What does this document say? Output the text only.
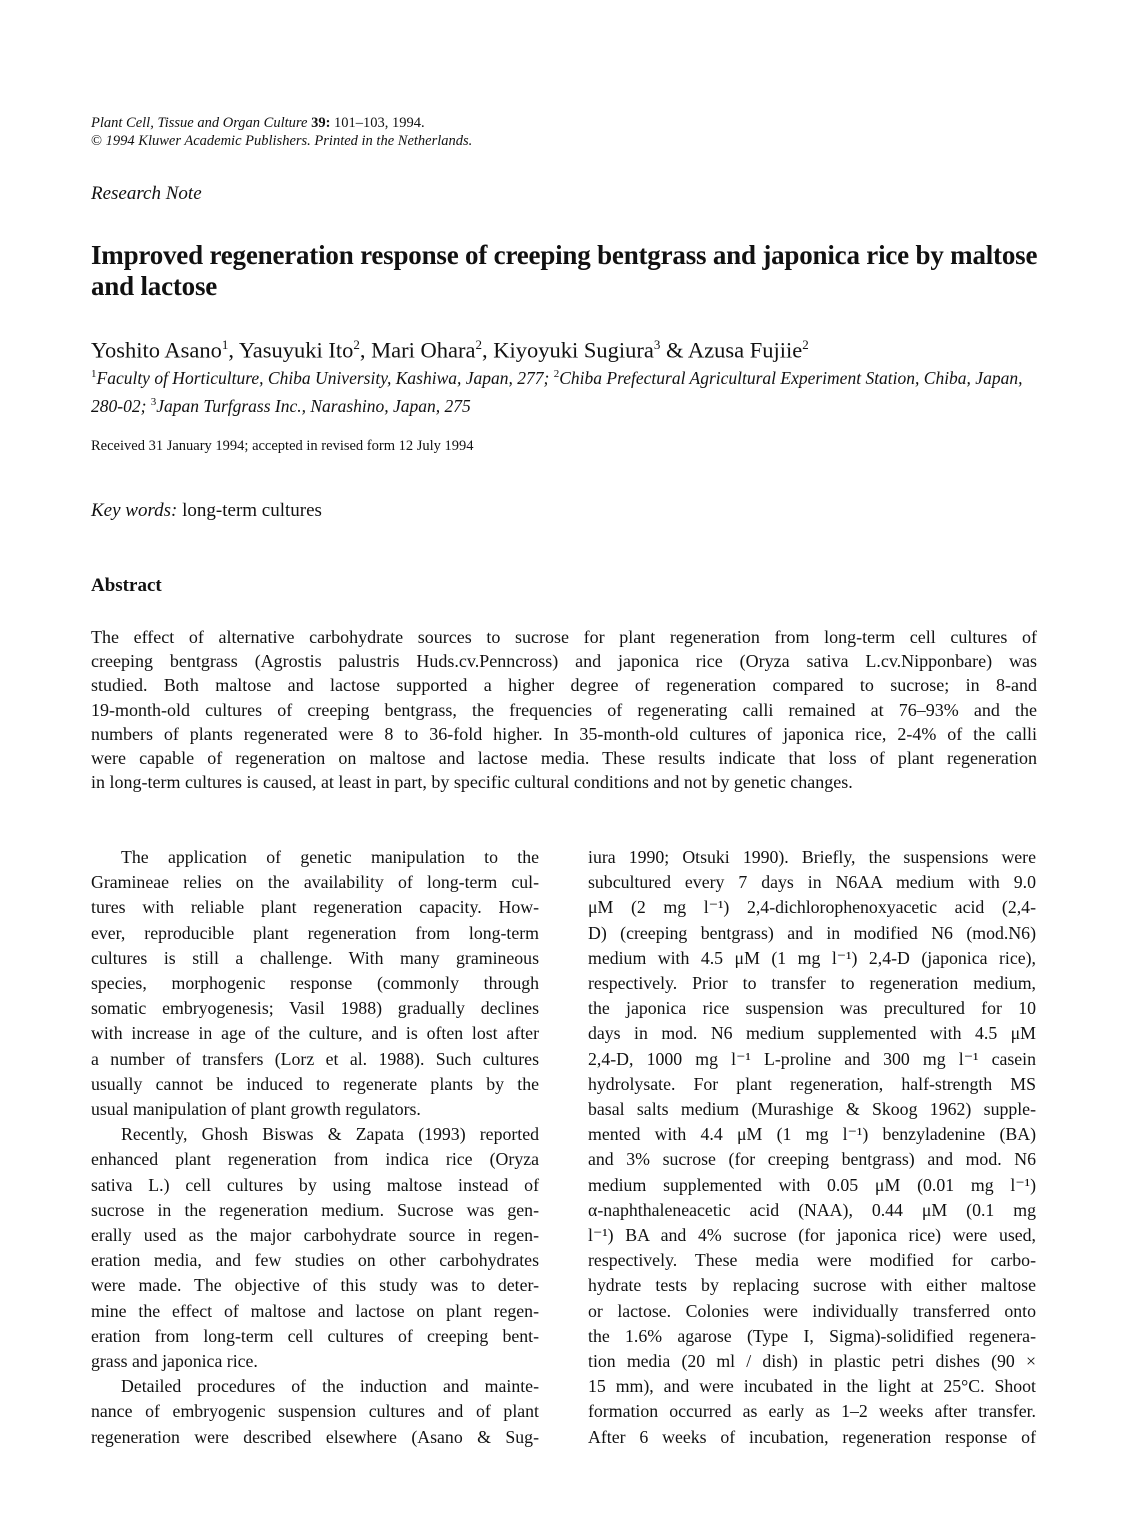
Plant Cell, Tissue and Organ Culture 39: 101–103, 1994.
© 1994 Kluwer Academic Publishers. Printed in the Netherlands.
Research Note
Improved regeneration response of creeping bentgrass and japonica rice by maltose and lactose
Yoshito Asano$^1$, Yasuyuki Ito$^2$, Mari Ohara$^2$, Kiyoyuki Sugiura$^3$ & Azusa Fujiie$^2$
$^1$Faculty of Horticulture, Chiba University, Kashiwa, Japan, 277; $^2$Chiba Prefectural Agricultural Experiment Station, Chiba, Japan, 280-02; $^3$Japan Turfgrass Inc., Narashino, Japan, 275
Received 31 January 1994; accepted in revised form 12 July 1994
Key words: long-term cultures
Abstract
The effect of alternative carbohydrate sources to sucrose for plant regeneration from long-term cell cultures of
creeping bentgrass (Agrostis palustris Huds.cv.Penncross) and japonica rice (Oryza sativa L.cv.Nipponbare) was
studied. Both maltose and lactose supported a higher degree of regeneration compared to sucrose; in 8-and
19-month-old cultures of creeping bentgrass, the frequencies of regenerating calli remained at 76–93% and the
numbers of plants regenerated were 8 to 36-fold higher. In 35-month-old cultures of japonica rice, 2-4% of the calli
were capable of regeneration on maltose and lactose media. These results indicate that loss of plant regeneration
in long-term cultures is caused, at least in part, by specific cultural conditions and not by genetic changes.
The application of genetic manipulation to the
Gramineae relies on the availability of long-term cul-
tures with reliable plant regeneration capacity. How-
ever, reproducible plant regeneration from long-term
cultures is still a challenge. With many gramineous
species, morphogenic response (commonly through
somatic embryogenesis; Vasil 1988) gradually declines
with increase in age of the culture, and is often lost after
a number of transfers (Lorz et al. 1988). Such cultures
usually cannot be induced to regenerate plants by the
usual manipulation of plant growth regulators.
Recently, Ghosh Biswas & Zapata (1993) reported
enhanced plant regeneration from indica rice (Oryza
sativa L.) cell cultures by using maltose instead of
sucrose in the regeneration medium. Sucrose was gen-
erally used as the major carbohydrate source in regen-
eration media, and few studies on other carbohydrates
were made. The objective of this study was to deter-
mine the effect of maltose and lactose on plant regen-
eration from long-term cell cultures of creeping bent-
grass and japonica rice.
Detailed procedures of the induction and mainte-
nance of embryogenic suspension cultures and of plant
regeneration were described elsewhere (Asano & Sug-
iura 1990; Otsuki 1990). Briefly, the suspensions were
subcultured every 7 days in N6AA medium with 9.0
μM (2 mg l⁻¹) 2,4-dichlorophenoxyacetic acid (2,4-
D) (creeping bentgrass) and in modified N6 (mod.N6)
medium with 4.5 μM (1 mg l⁻¹) 2,4-D (japonica rice),
respectively. Prior to transfer to regeneration medium,
the japonica rice suspension was precultured for 10
days in mod. N6 medium supplemented with 4.5 μM
2,4-D, 1000 mg l⁻¹ L-proline and 300 mg l⁻¹ casein
hydrolysate. For plant regeneration, half-strength MS
basal salts medium (Murashige & Skoog 1962) supple-
mented with 4.4 μM (1 mg l⁻¹) benzyladenine (BA)
and 3% sucrose (for creeping bentgrass) and mod. N6
medium supplemented with 0.05 μM (0.01 mg l⁻¹)
α-naphthaleneacetic acid (NAA), 0.44 μM (0.1 mg
l⁻¹) BA and 4% sucrose (for japonica rice) were used,
respectively. These media were modified for carbo-
hydrate tests by replacing sucrose with either maltose
or lactose. Colonies were individually transferred onto
the 1.6% agarose (Type I, Sigma)-solidified regenera-
tion media (20 ml / dish) in plastic petri dishes (90 ×
15 mm), and were incubated in the light at 25°C. Shoot
formation occurred as early as 1–2 weeks after transfer.
After 6 weeks of incubation, regeneration response of
